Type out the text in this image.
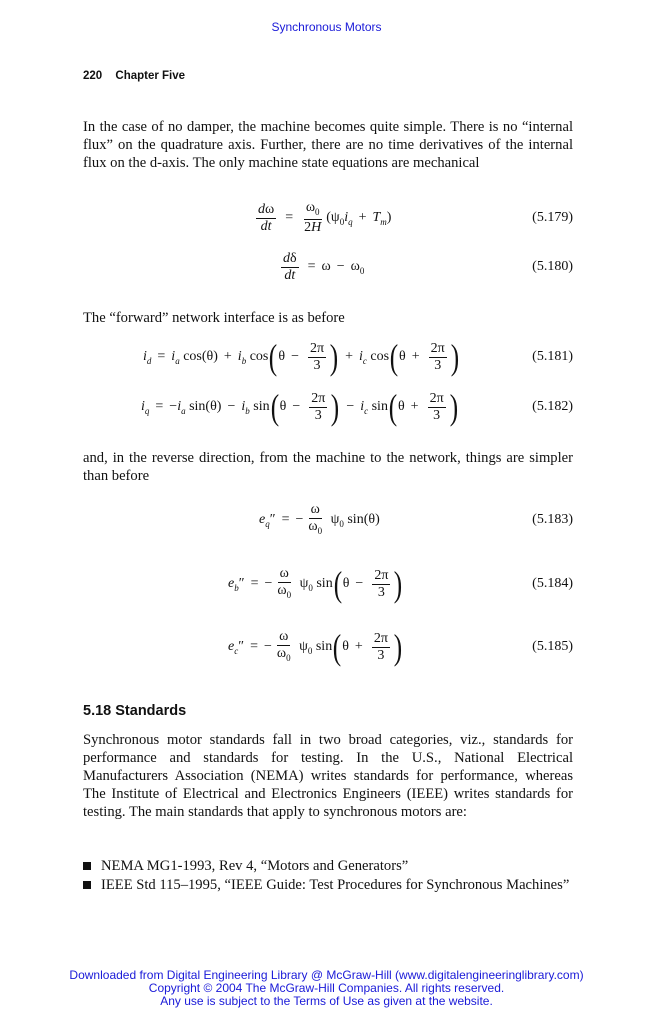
Synchronous Motors
220 Chapter Five
In the case of no damper, the machine becomes quite simple. There is no “internal flux” on the quadrature axis. Further, there are no time derivatives of the internal flux on the d-axis. The only machine state equations are mechanical
$\frac{d\omega}{dt} = \frac{\omega_0}{2H} (\psi_0i_q + T_m)$	(5.179)
$\frac{d\delta}{dt} = \omega - \omega_0$	(5.180)
The “forward” network interface is as before
$i_d = i_a$ $\cos(\theta) + i_b$ cos ( $\theta - \frac{2\pi}{3}$ ) + $i_c$ cos ( $\theta + \frac{2\pi}{3}$ )	(5.181)
$i_q = -i_a$ $\sin(\theta) - i_b$ sin ( $\theta - \frac{2\pi}{3}$ ) − $i_c$ sin ( $\theta + \frac{2\pi}{3}$ )	(5.182)
and, in the reverse direction, from the machine to the network, things are simpler than before
$e_q''$ = − $\frac{\omega}{\omega_0} \psi_0$ sin(θ)	(5.183)
$e_b''$ = − $\frac{\omega}{\omega_0} \psi_0$ sin ( $\theta - \frac{2\pi}{3}$ )	(5.184)
$e_c''$ = − $\frac{\omega}{\omega_0} \psi_0$ sin ( $\theta + \frac{2\pi}{3}$ )	(5.185)
5.18 Standards
Synchronous motor standards fall in two broad categories, viz., standards for performance and standards for testing. In the U.S., National Electrical Manufacturers Association (NEMA) writes standards for performance, whereas The Institute of Electrical and Electronics Engineers (IEEE) writes standards for testing. The main standards that apply to synchronous motors are:
NEMA MG1-1993, Rev 4, “Motors and Generators”
IEEE Std 115–1995, “IEEE Guide: Test Procedures for Synchronous Machines”
Downloaded from Digital Engineering Library @ McGraw-Hill (www.digitalengineeringlibrary.com)
Copyright © 2004 The McGraw-Hill Companies. All rights reserved.
Any use is subject to the Terms of Use as given at the website.
